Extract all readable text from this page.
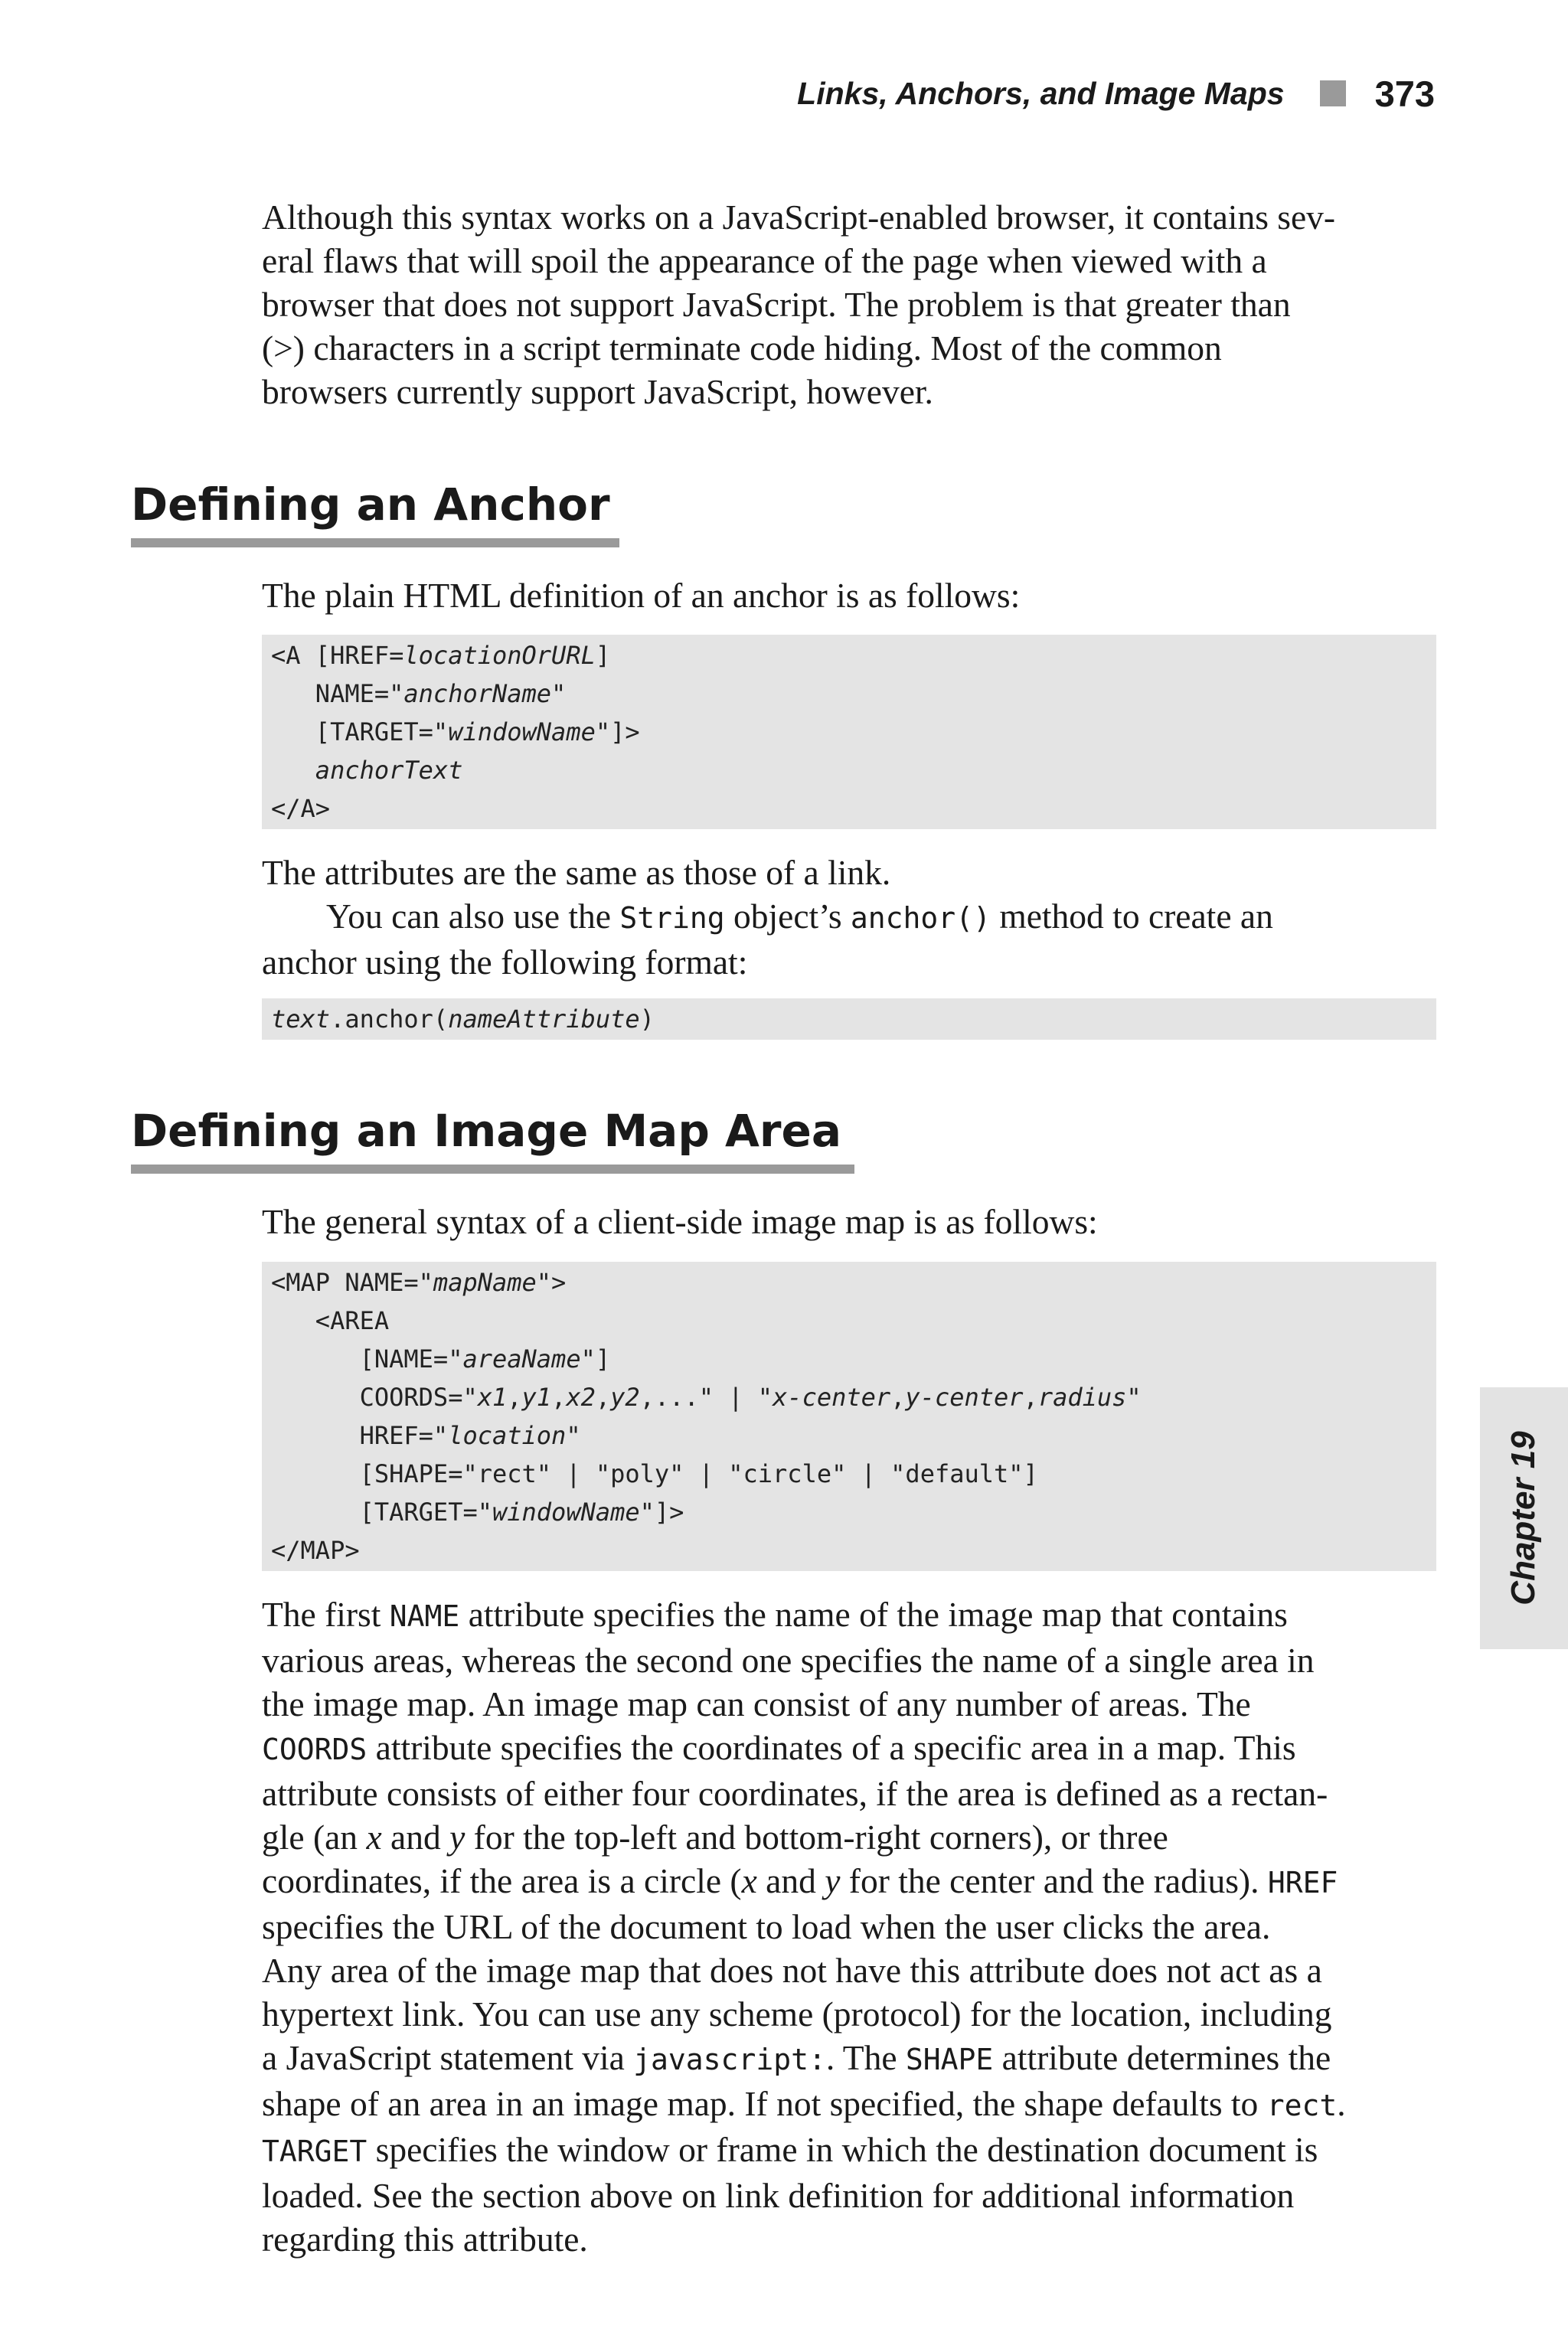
Links, Anchors, and Image Maps	373

Although this syntax works on a JavaScript-enabled browser, it contains sev-

eral flaws that will spoil the appearance of the page when viewed with a

browser that does not support JavaScript. The problem is that greater than

(>) characters in a script terminate code hiding. Most of the common

browsers currently support JavaScript, however.

Defining an Anchor

The plain HTML definition of an anchor is as follows:

<A [HREF=locationOrURL]
NAME="anchorName"
[TARGET="windowName"]>
anchorText
</A>

The attributes are the same as those of a link.

You can also use the String object’s anchor() method to create an

anchor using the following format:

text.anchor(nameAttribute)
Defining an Image Map Area

The general syntax of a client-side image map is as follows:

<MAP NAME="mapName">
<AREA
[NAME="areaName"]
COORDS="x1,y1,x2,y2,..." | "x-center,y-center,radius"
HREF="location"
[SHAPE="rect" | "poly" | "circle" | "default"]
[TARGET="windowName"]>
</MAP>

The first NAME attribute specifies the name of the image map that contains

various areas, whereas the second one specifies the name of a single area in

the image map. An image map can consist of any number of areas. The

COORDS attribute specifies the coordinates of a specific area in a map. This

attribute consists of either four coordinates, if the area is defined as a rectan-

gle (an x and y for the top-left and bottom-right corners), or three

coordinates, if the area is a circle (x and y for the center and the radius). HREF

specifies the URL of the document to load when the user clicks the area.

Any area of the image map that does not have this attribute does not act as a

hypertext link. You can use any scheme (protocol) for the location, including

a JavaScript statement via javascript:. The SHAPE attribute determines the

shape of an area in an image map. If not specified, the shape defaults to rect.

TARGET specifies the window or frame in which the destination document is

loaded. See the section above on link definition for additional information

regarding this attribute.

Chapter 19
